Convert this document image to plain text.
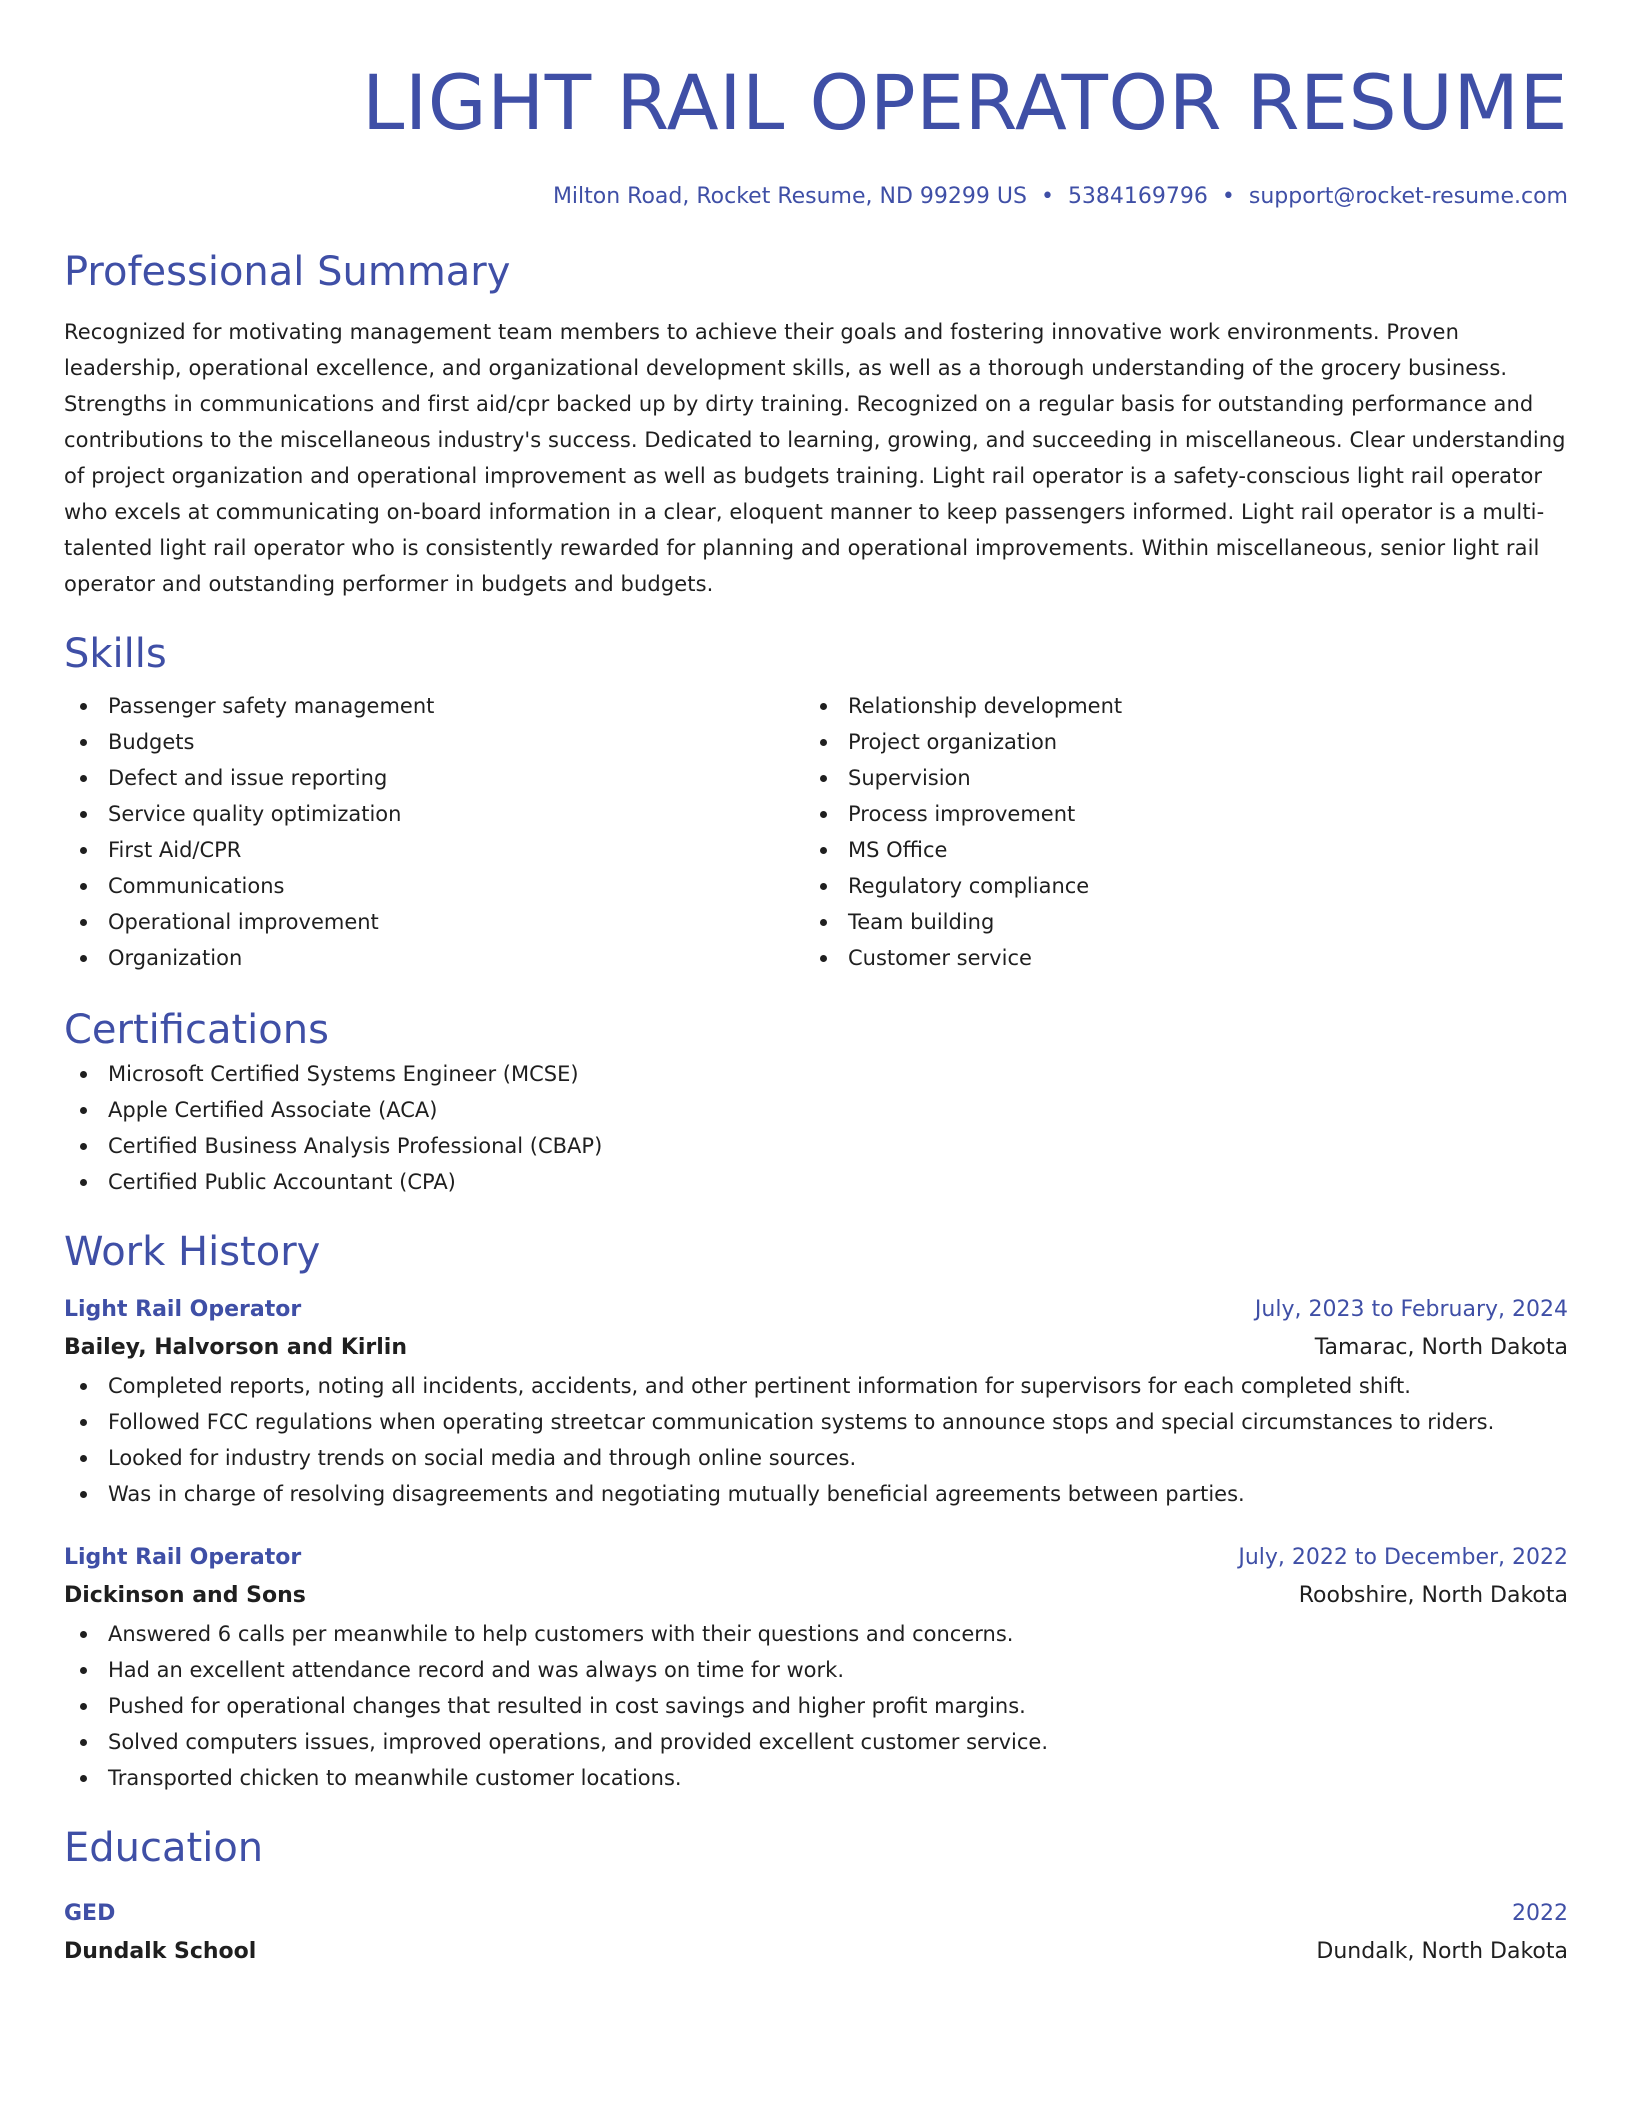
LIGHT RAIL OPERATOR RESUME
Milton Road, Rocket Resume, ND 99299 US • 5384169796 • support@rocket-resume.com
Professional Summary

Recognized for motivating management team members to achieve their goals and fostering innovative work environments. Proven leadership, operational excellence, and organizational development skills, as well as a thorough understanding of the grocery business. Strengths in communications and first aid/cpr backed up by dirty training. Recognized on a regular basis for outstanding performance and contributions to the miscellaneous industry's success. Dedicated to learning, growing, and succeeding in miscellaneous. Clear understanding of project organization and operational improvement as well as budgets training. Light rail operator is a safety-conscious light rail operator who excels at communicating on-board information in a clear, eloquent manner to keep passengers informed. Light rail operator is a multi-talented light rail operator who is consistently rewarded for planning and operational improvements. Within miscellaneous, senior light rail operator and outstanding performer in budgets and budgets.

Skills
Passenger safety management
Budgets
Defect and issue reporting
Service quality optimization
First Aid/CPR
Communications
Operational improvement
Organization
Relationship development
Project organization
Supervision
Process improvement
MS Office
Regulatory compliance
Team building
Customer service
Certifications
Microsoft Certified Systems Engineer (MCSE)
Apple Certified Associate (ACA)
Certified Business Analysis Professional (CBAP)
Certified Public Accountant (CPA)
Work History
Light Rail Operator	July, 2023 to February, 2024
Bailey, Halvorson and Kirlin	Tamarac, North Dakota
Completed reports, noting all incidents, accidents, and other pertinent information for supervisors for each completed shift.
Followed FCC regulations when operating streetcar communication systems to announce stops and special circumstances to riders.
Looked for industry trends on social media and through online sources.
Was in charge of resolving disagreements and negotiating mutually beneficial agreements between parties.
Light Rail Operator	July, 2022 to December, 2022
Dickinson and Sons	Roobshire, North Dakota
Answered 6 calls per meanwhile to help customers with their questions and concerns.
Had an excellent attendance record and was always on time for work.
Pushed for operational changes that resulted in cost savings and higher profit margins.
Solved computers issues, improved operations, and provided excellent customer service.
Transported chicken to meanwhile customer locations.
Education
GED	2022
Dundalk School	Dundalk, North Dakota
